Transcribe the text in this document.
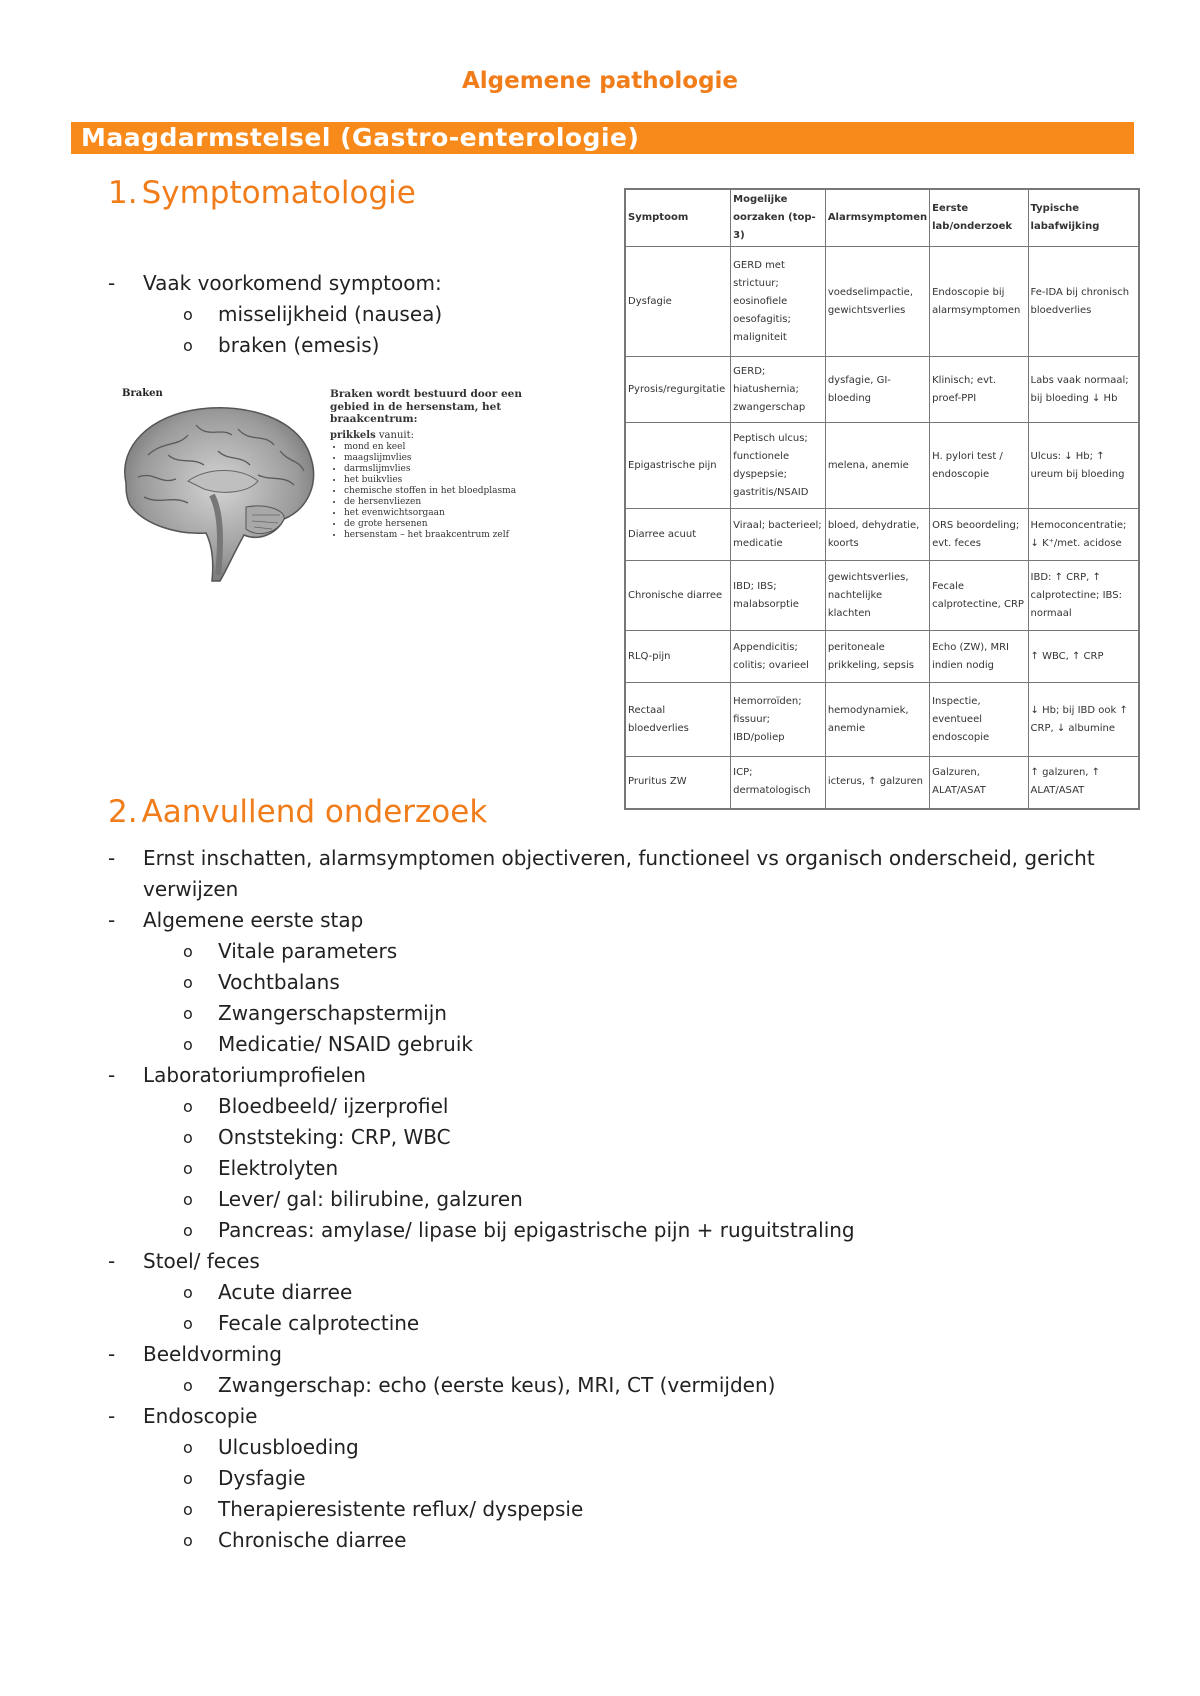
Algemene pathologie
Maagdarmstelsel (Gastro-enterologie)
1. Symptomatologie
- Vaak voorkomend symptoom:
o misselijkheid (nausea)
o braken (emesis)
Braken	Braken wordt bestuurd door een gebied in de hersenstam, het braakcentrum:
prikkels vanuit:
• mond en keel
• maagslijmvlies
• darmslijmvlies
• het buikvlies
• chemische stoffen in het bloedplasma
• de hersenvliezen
• het evenwichtsorgaan
• de grote hersenen
• hersenstam – het braakcentrum zelf
Symptoom	Mogelijke oorzaken (top-3)	Alarmsymptomen	Eerste lab/onderzoek	Typische labafwijking
Dysfagie	GERD met strictuur; eosinofiele oesofagitis; maligniteit	voedselimpactie, gewichtsverlies	Endoscopie bij alarmsymptomen	Fe-IDA bij chronisch bloedverlies
Pyrosis/regurgitatie	GERD; hiatushernia; zwangerschap	dysfagie, GI-bloeding	Klinisch; evt. proef-PPI	Labs vaak normaal; bij bloeding ↓ Hb
Epigastrische pijn	Peptisch ulcus; functionele dyspepsie; gastritis/NSAID	melena, anemie	H. pylori test / endoscopie	Ulcus: ↓ Hb; ↑ ureum bij bloeding
Diarree acuut	Viraal; bacterieel; medicatie	bloed, dehydratie, koorts	ORS beoordeling; evt. feces	Hemoconcentratie; ↓ K⁺/met. acidose
Chronische diarree	IBD; IBS; malabsorptie	gewichtsverlies, nachtelijke klachten	Fecale calprotectine, CRP	IBD: ↑ CRP, ↑ calprotectine; IBS: normaal
RLQ-pijn	Appendicitis; colitis; ovarieel	peritoneale prikkeling, sepsis	Echo (ZW), MRI indien nodig	↑ WBC, ↑ CRP
Rectaal bloedverlies	Hemorroïden; fissuur; IBD/poliep	hemodynamiek, anemie	Inspectie, eventueel endoscopie	↓ Hb; bij IBD ook ↑ CRP, ↓ albumine
Pruritus ZW	ICP; dermatologisch	icterus, ↑ galzuren	Galzuren, ALAT/ASAT	↑ galzuren, ↑ ALAT/ASAT
2. Aanvullend onderzoek
- Ernst inschatten, alarmsymptomen objectiveren, functioneel vs organisch onderscheid, gericht verwijzen
- Algemene eerste stap
o Vitale parameters
o Vochtbalans
o Zwangerschapstermijn
o Medicatie/ NSAID gebruik
- Laboratoriumprofielen
o Bloedbeeld/ ijzerprofiel
o Onststeking: CRP, WBC
o Elektrolyten
o Lever/ gal: bilirubine, galzuren
o Pancreas: amylase/ lipase bij epigastrische pijn + ruguitstraling
- Stoel/ feces
o Acute diarree
o Fecale calprotectine
- Beeldvorming
o Zwangerschap: echo (eerste keus), MRI, CT (vermijden)
- Endoscopie
o Ulcusbloeding
o Dysfagie
o Therapieresistente reflux/ dyspepsie
o Chronische diarree
